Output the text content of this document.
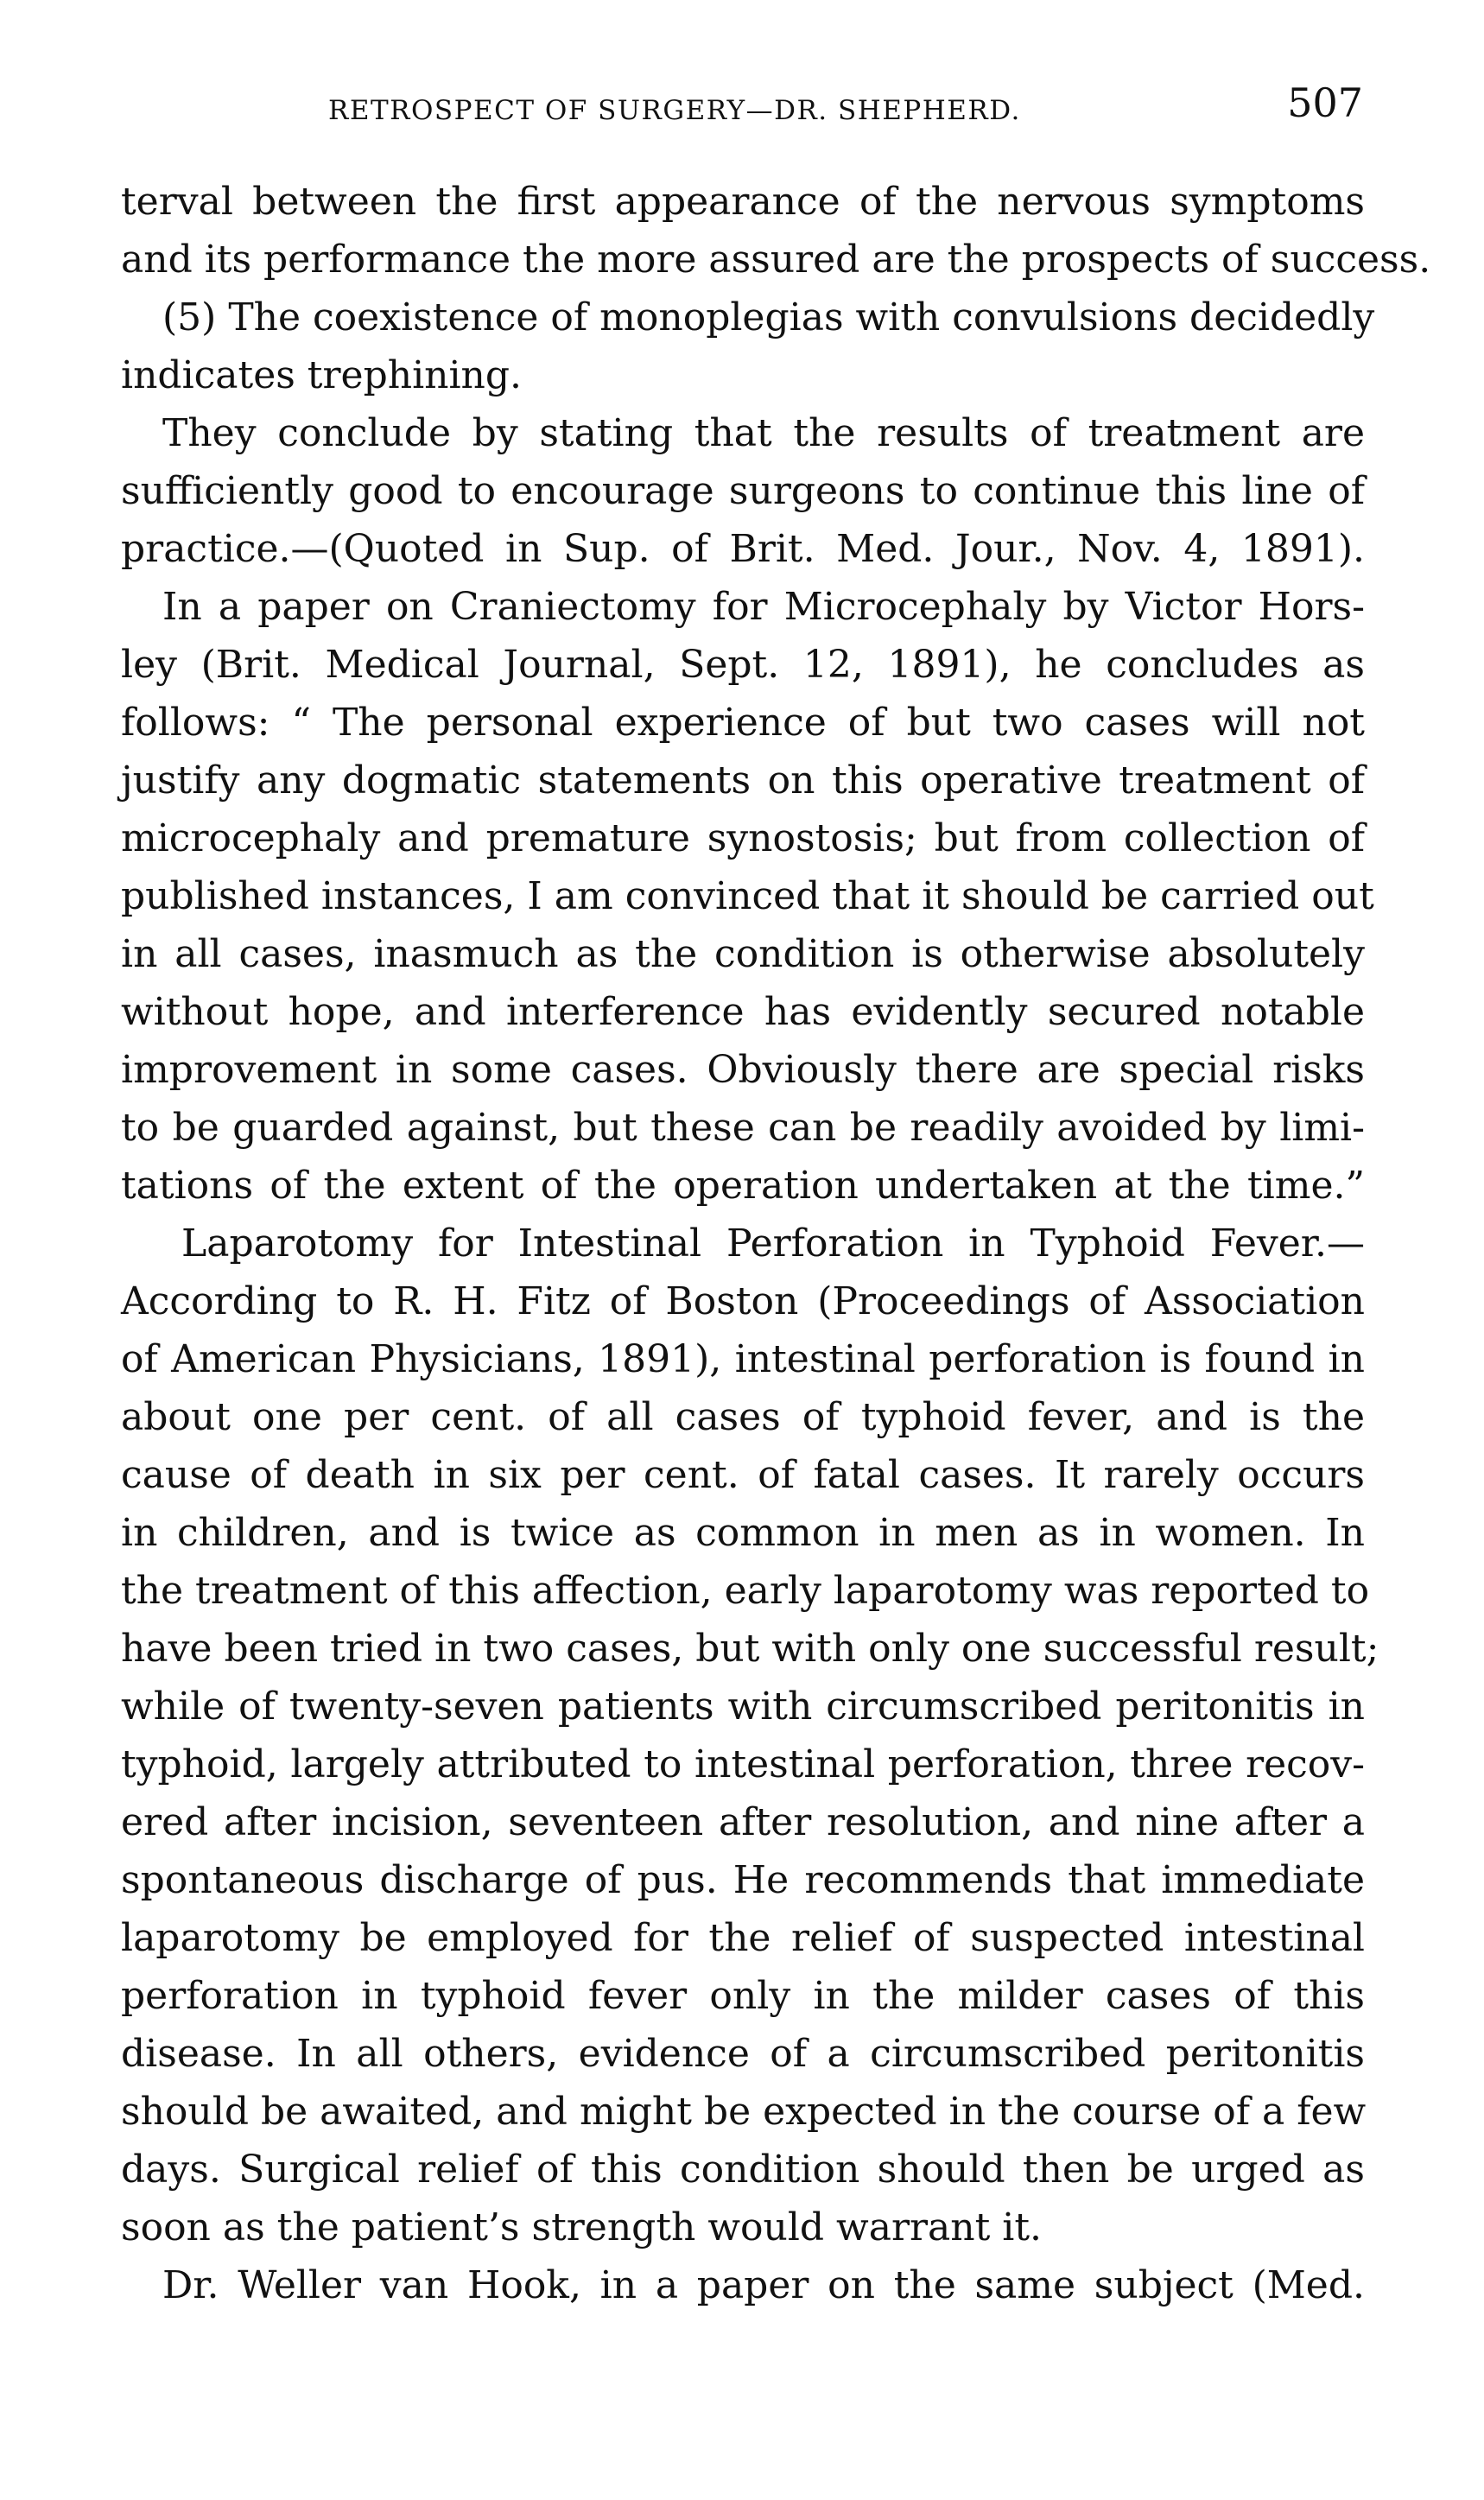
RETROSPECT OF SURGERY—DR. SHEPHERD.	507
terval between the first appearance of the nervous symptoms
and its performance the more assured are the prospects of success.
(5) The coexistence of monoplegias with convulsions decidedly
indicates trephining.
They conclude by stating that the results of treatment are
sufficiently good to encourage surgeons to continue this line of
practice.—(Quoted in Sup. of Brit. Med. Jour., Nov. 4, 1891).
In a paper on Craniectomy for Microcephaly by Victor Hors-
ley (Brit. Medical Journal, Sept. 12, 1891), he concludes as
follows: “ The personal experience of but two cases will not
justify any dogmatic statements on this operative treatment of
microcephaly and premature synostosis; but from collection of
published instances, I am convinced that it should be carried out
in all cases, inasmuch as the condition is otherwise absolutely
without hope, and interference has evidently secured notable
improvement in some cases. Obviously there are special risks
to be guarded against, but these can be readily avoided by limi-
tations of the extent of the operation undertaken at the time.”
Laparotomy for Intestinal Perforation in Typhoid Fever.—
According to R. H. Fitz of Boston (Proceedings of Association
of American Physicians, 1891), intestinal perforation is found in
about one per cent. of all cases of typhoid fever, and is the
cause of death in six per cent. of fatal cases. It rarely occurs
in children, and is twice as common in men as in women. In
the treatment of this affection, early laparotomy was reported to
have been tried in two cases, but with only one successful result;
while of twenty-seven patients with circumscribed peritonitis in
typhoid, largely attributed to intestinal perforation, three recov-
ered after incision, seventeen after resolution, and nine after a
spontaneous discharge of pus. He recommends that immediate
laparotomy be employed for the relief of suspected intestinal
perforation in typhoid fever only in the milder cases of this
disease. In all others, evidence of a circumscribed peritonitis
should be awaited, and might be expected in the course of a few
days. Surgical relief of this condition should then be urged as
soon as the patient’s strength would warrant it.
Dr. Weller van Hook, in a paper on the same subject (Med.
